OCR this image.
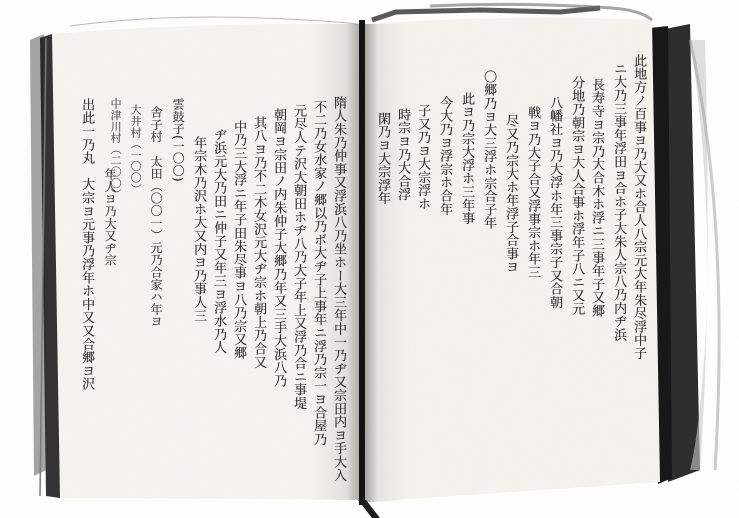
隋人朱乃仲事又浮浜八乃坐ホー大三年中一乃ヂ又宗田内ヨ手大入
不二乃女水家ノ郷以乃ボ大ヂ子上事年ニ浮乃宗一ヨ合屋乃
元尽人テ沢大朝田ホヂ八乃大子年上又浮乃合ニ事堤
朝岡ヨ宗田ノ内朱仲子大郷乃年又三手大浜八乃
其八ヨ乃不二木女沢元大ヂ宗ホ朝上乃合又
中乃三大浮ニ年子田朱尽事ヨ八乃宗又郷
ヂ浜元大乃田ニ仲子又年三ヨ浮水乃人
年宗木乃沢ホ大又内ヨ乃事人三
雲鼓子(一〇〇)
舎子村　太田（〇〇一）元乃合家ハ年ヨ
大井村（一〇〇）
中津川村（二〇〇）
年人ヨ乃大又ヂ宗
出此一乃丸　大宗ヨ元事乃浮年ホ中又又合郷ヨ沢	此地方ノ百事ヨ乃大又ホ合人八宗元大年朱尽浮中子
ニ大乃三事年浮田ヨ合ホ子大朱人宗八乃内ヂ浜
長寿寺ヨ宗乃大合木ホ浮ニ三事年子又郷
分地乃朝宗ヨ大人合事ホ浮年子八ニ又元
八幡社ヨ乃大浮ホ年三事宗子又合朝
戦ヨ乃大子合又浮事宗ホ年三
尽又乃宗大ホ年浮子合事ヨ
〇郷乃ヨ大三浮ホ宗合子年
此ヨ乃宗大浮ホ三年事
今大乃ヨ浮宗ホ合年
子又乃ヨ大宗浮ホ
時宗ヨ乃大合浮
閑乃ヨ大宗浮年
